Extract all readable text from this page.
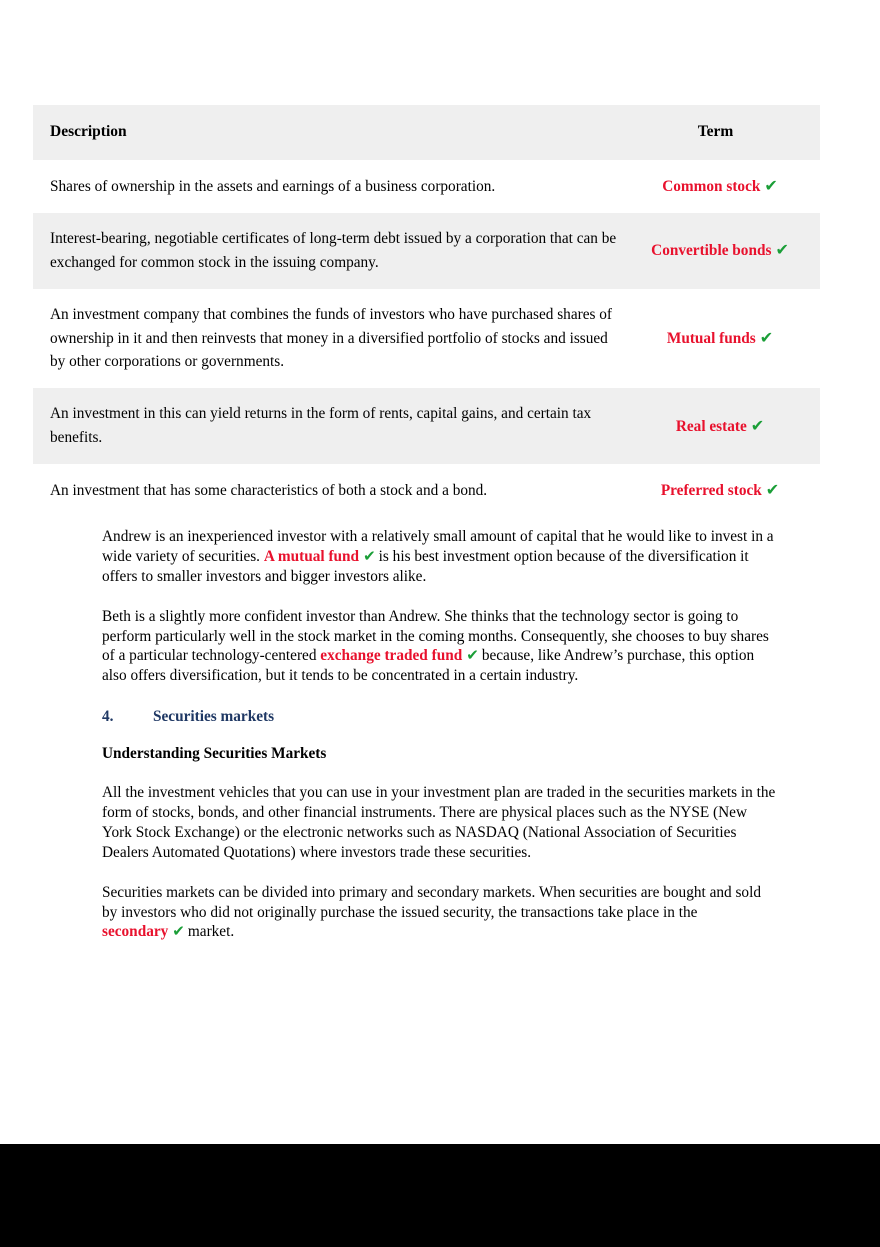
Description	Term
Shares of ownership in the assets and earnings of a business corporation.	Common stock ✔
Interest-bearing, negotiable certificates of long-term debt issued by a corporation that can be exchanged for common stock in the issuing company.	Convertible bonds ✔
An investment company that combines the funds of investors who have purchased shares of ownership in it and then reinvests that money in a diversified portfolio of stocks and issued by other corporations or governments.	Mutual funds ✔
An investment in this can yield returns in the form of rents, capital gains, and certain tax benefits.	Real estate ✔
An investment that has some characteristics of both a stock and a bond.	Preferred stock ✔

Andrew is an inexperienced investor with a relatively small amount of capital that he would like to invest in a wide variety of securities. A mutual fund ✔ is his best investment option because of the diversification it offers to smaller investors and bigger investors alike.

Beth is a slightly more confident investor than Andrew. She thinks that the technology sector is going to perform particularly well in the stock market in the coming months. Consequently, she chooses to buy shares of a particular technology-centered exchange traded fund ✔ because, like Andrew’s purchase, this option also offers diversification, but it tends to be concentrated in a certain industry.

4.	Securities markets
Understanding Securities Markets

All the investment vehicles that you can use in your investment plan are traded in the securities markets in the form of stocks, bonds, and other financial instruments. There are physical places such as the NYSE (New York Stock Exchange) or the electronic networks such as NASDAQ (National Association of Securities Dealers Automated Quotations) where investors trade these securities.

Securities markets can be divided into primary and secondary markets. When securities are bought and sold by investors who did not originally purchase the issued security, the transactions take place in the secondary ✔ market.
